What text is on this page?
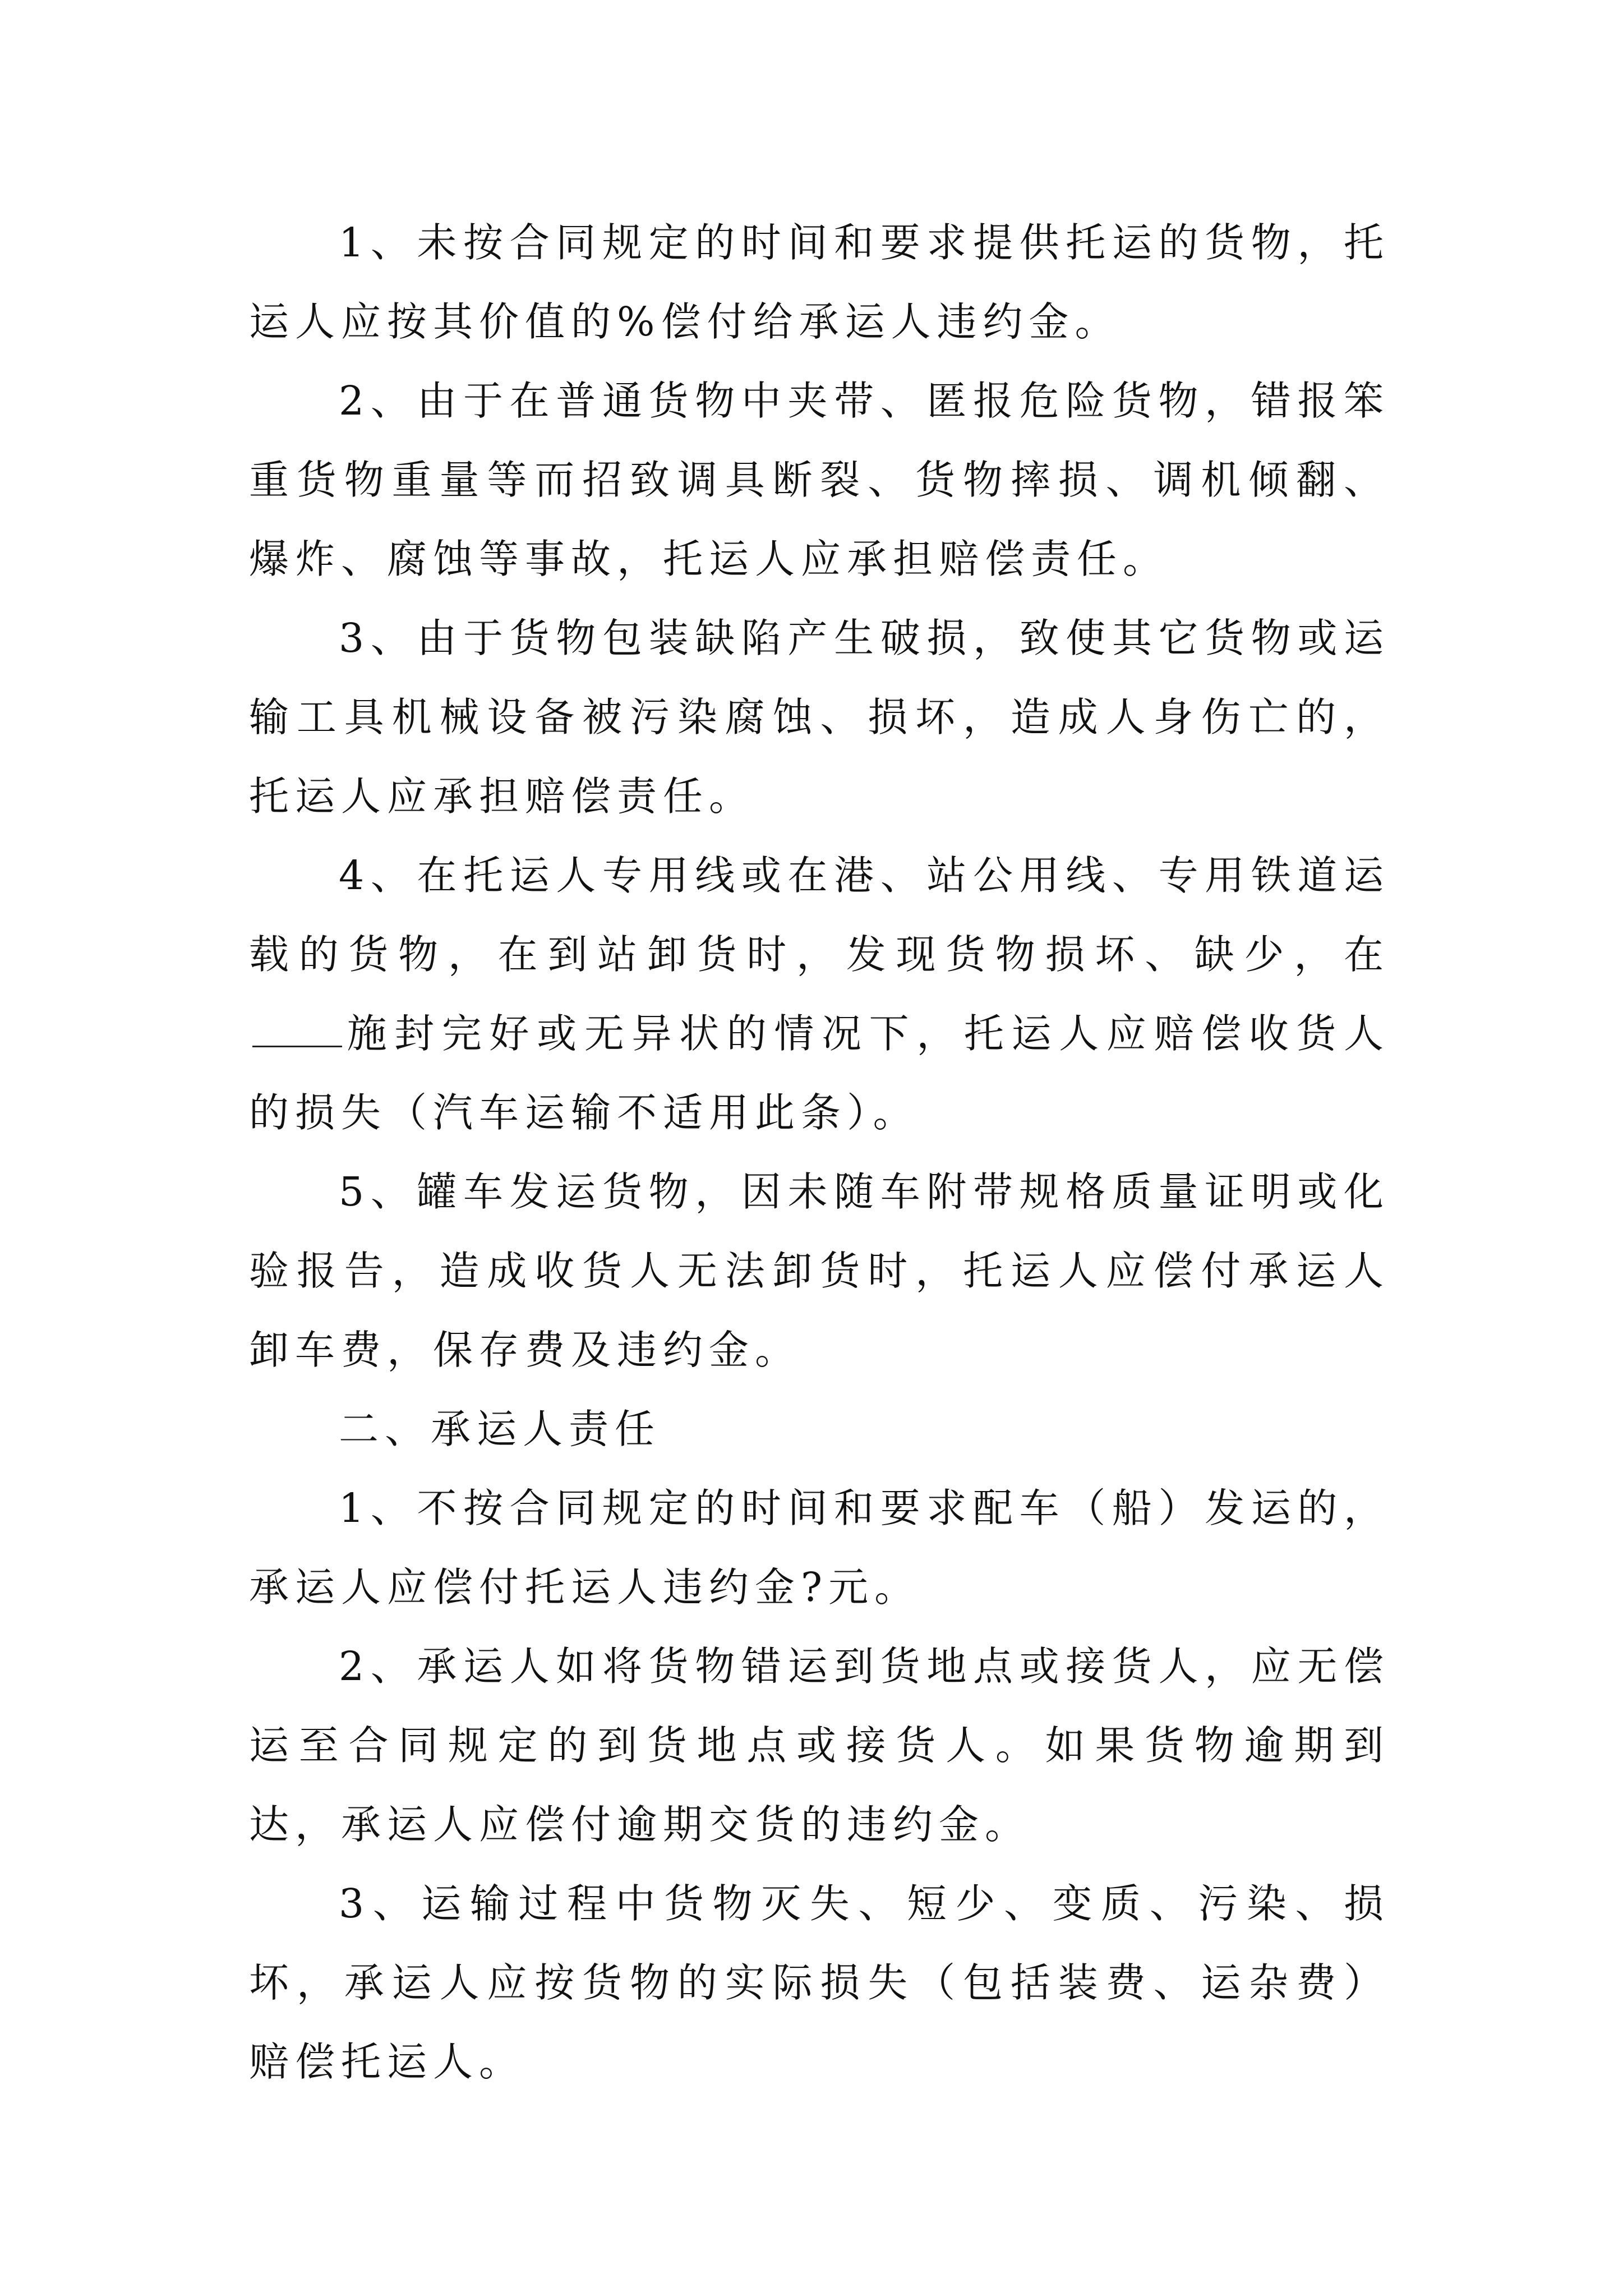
1、未按合同规定的时间和要求提供托运的货物，托运人应按其价值的%偿付给承运人违约金。

2、由于在普通货物中夹带、匿报危险货物，错报笨重货物重量等而招致调具断裂、货物摔损、调机倾翻、爆炸、腐蚀等事故，托运人应承担赔偿责任。

3、由于货物包装缺陷产生破损，致使其它货物或运输工具机械设备被污染腐蚀、损坏，造成人身伤亡的，托运人应承担赔偿责任。

4、在托运人专用线或在港、站公用线、专用铁道运载的货物，在到站卸货时，发现货物损坏、缺少，在施封完好或无异状的情况下，托运人应赔偿收货人的损失（汽车运输不适用此条）。

5、罐车发运货物，因未随车附带规格质量证明或化验报告，造成收货人无法卸货时，托运人应偿付承运人卸车费，保存费及违约金。

二、承运人责任

1、不按合同规定的时间和要求配车（船）发运的，承运人应偿付托运人违约金?元。

2、承运人如将货物错运到货地点或接货人，应无偿运至合同规定的到货地点或接货人。如果货物逾期到达，承运人应偿付逾期交货的违约金。

3、运输过程中货物灭失、短少、变质、污染、损坏，承运人应按货物的实际损失（包括装费、运杂费）赔偿托运人。
